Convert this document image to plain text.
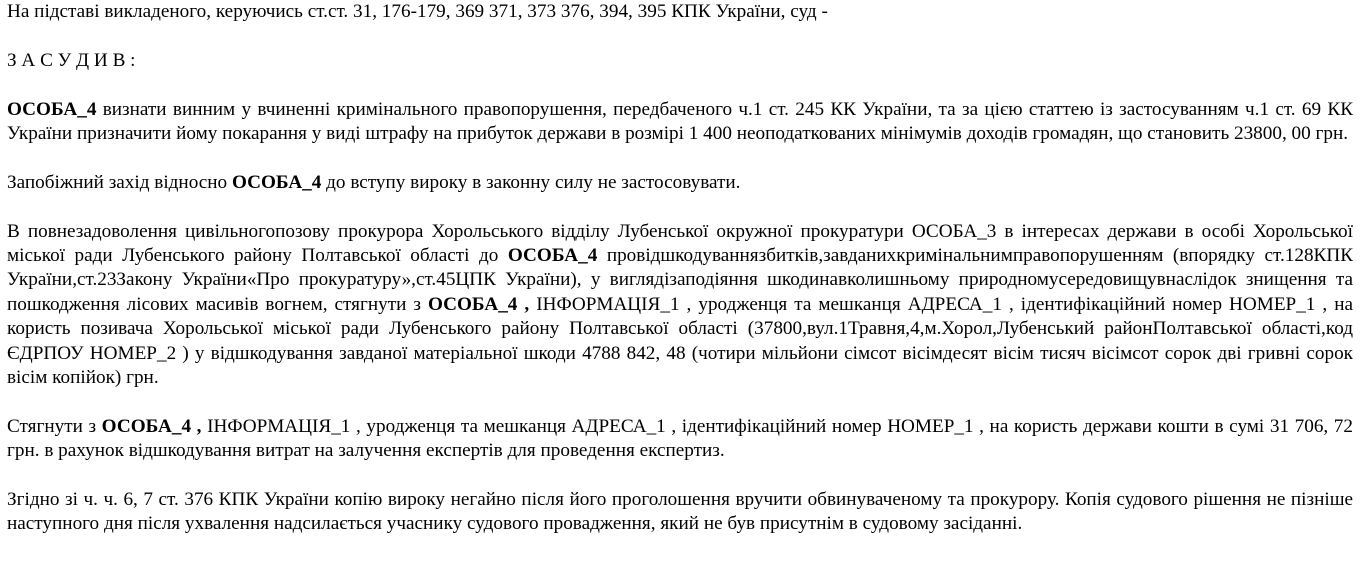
На підставі викладеного, керуючись ст.ст. 31, 176-179, 369 371, 373 376, 394, 395 КПК України, суд -

З А С У Д И В :

ОСОБА_4 визнати винним у вчиненні кримінального правопорушення, передбаченого ч.1 ст. 245 КК України, та за цією статтею із застосуванням ч.1 ст. 69 КК України призначити йому покарання у виді штрафу на прибуток держави в розмірі 1 400 неоподаткованих мінімумів доходів громадян, що становить 23800, 00 грн.

Запобіжний захід відносно ОСОБА_4 до вступу вироку в законну силу не застосовувати.

В повнезадоволення цивільногопозову прокурора Хорольського відділу Лубенської окружної прокуратури ОСОБА_3 в інтересах держави в особі Хорольської міської ради Лубенського району Полтавської області до ОСОБА_4 провідшкодуваннязбитків,завданихкримінальнимправопорушенням (впорядку ст.128КПК України,ст.23Закону України«Про прокуратуру»,ст.45ЦПК України), у виглядізаподіяння шкодинавколишньому природномусередовищувнаслідок знищення та пошкодження лісових масивів вогнем, стягнути з ОСОБА_4 , ІНФОРМАЦІЯ_1 , уродженця та мешканця АДРЕСА_1 , ідентифікаційний номер НОМЕР_1 , на користь позивача Хорольської міської ради Лубенського району Полтавської області (37800,вул.1Травня,4,м.Хорол,Лубенський районПолтавської області,код ЄДРПОУ НОМЕР_2 ) у відшкодування завданої матеріальної шкоди 4788 842, 48 (чотири мільйони сімсот вісімдесят вісім тисяч вісімсот сорок дві гривні сорок вісім копійок) грн.

Стягнути з ОСОБА_4 , ІНФОРМАЦІЯ_1 , уродженця та мешканця АДРЕСА_1 , ідентифікаційний номер НОМЕР_1 , на користь держави кошти в сумі 31 706, 72 грн. в рахунок відшкодування витрат на залучення експертів для проведення експертиз.

Згідно зі ч. ч. 6, 7 ст. 376 КПК України копію вироку негайно після його проголошення вручити обвинуваченому та прокурору. Копія судового рішення не пізніше наступного дня після ухвалення надсилається учаснику судового провадження, який не був присутнім в судовому засіданні.
